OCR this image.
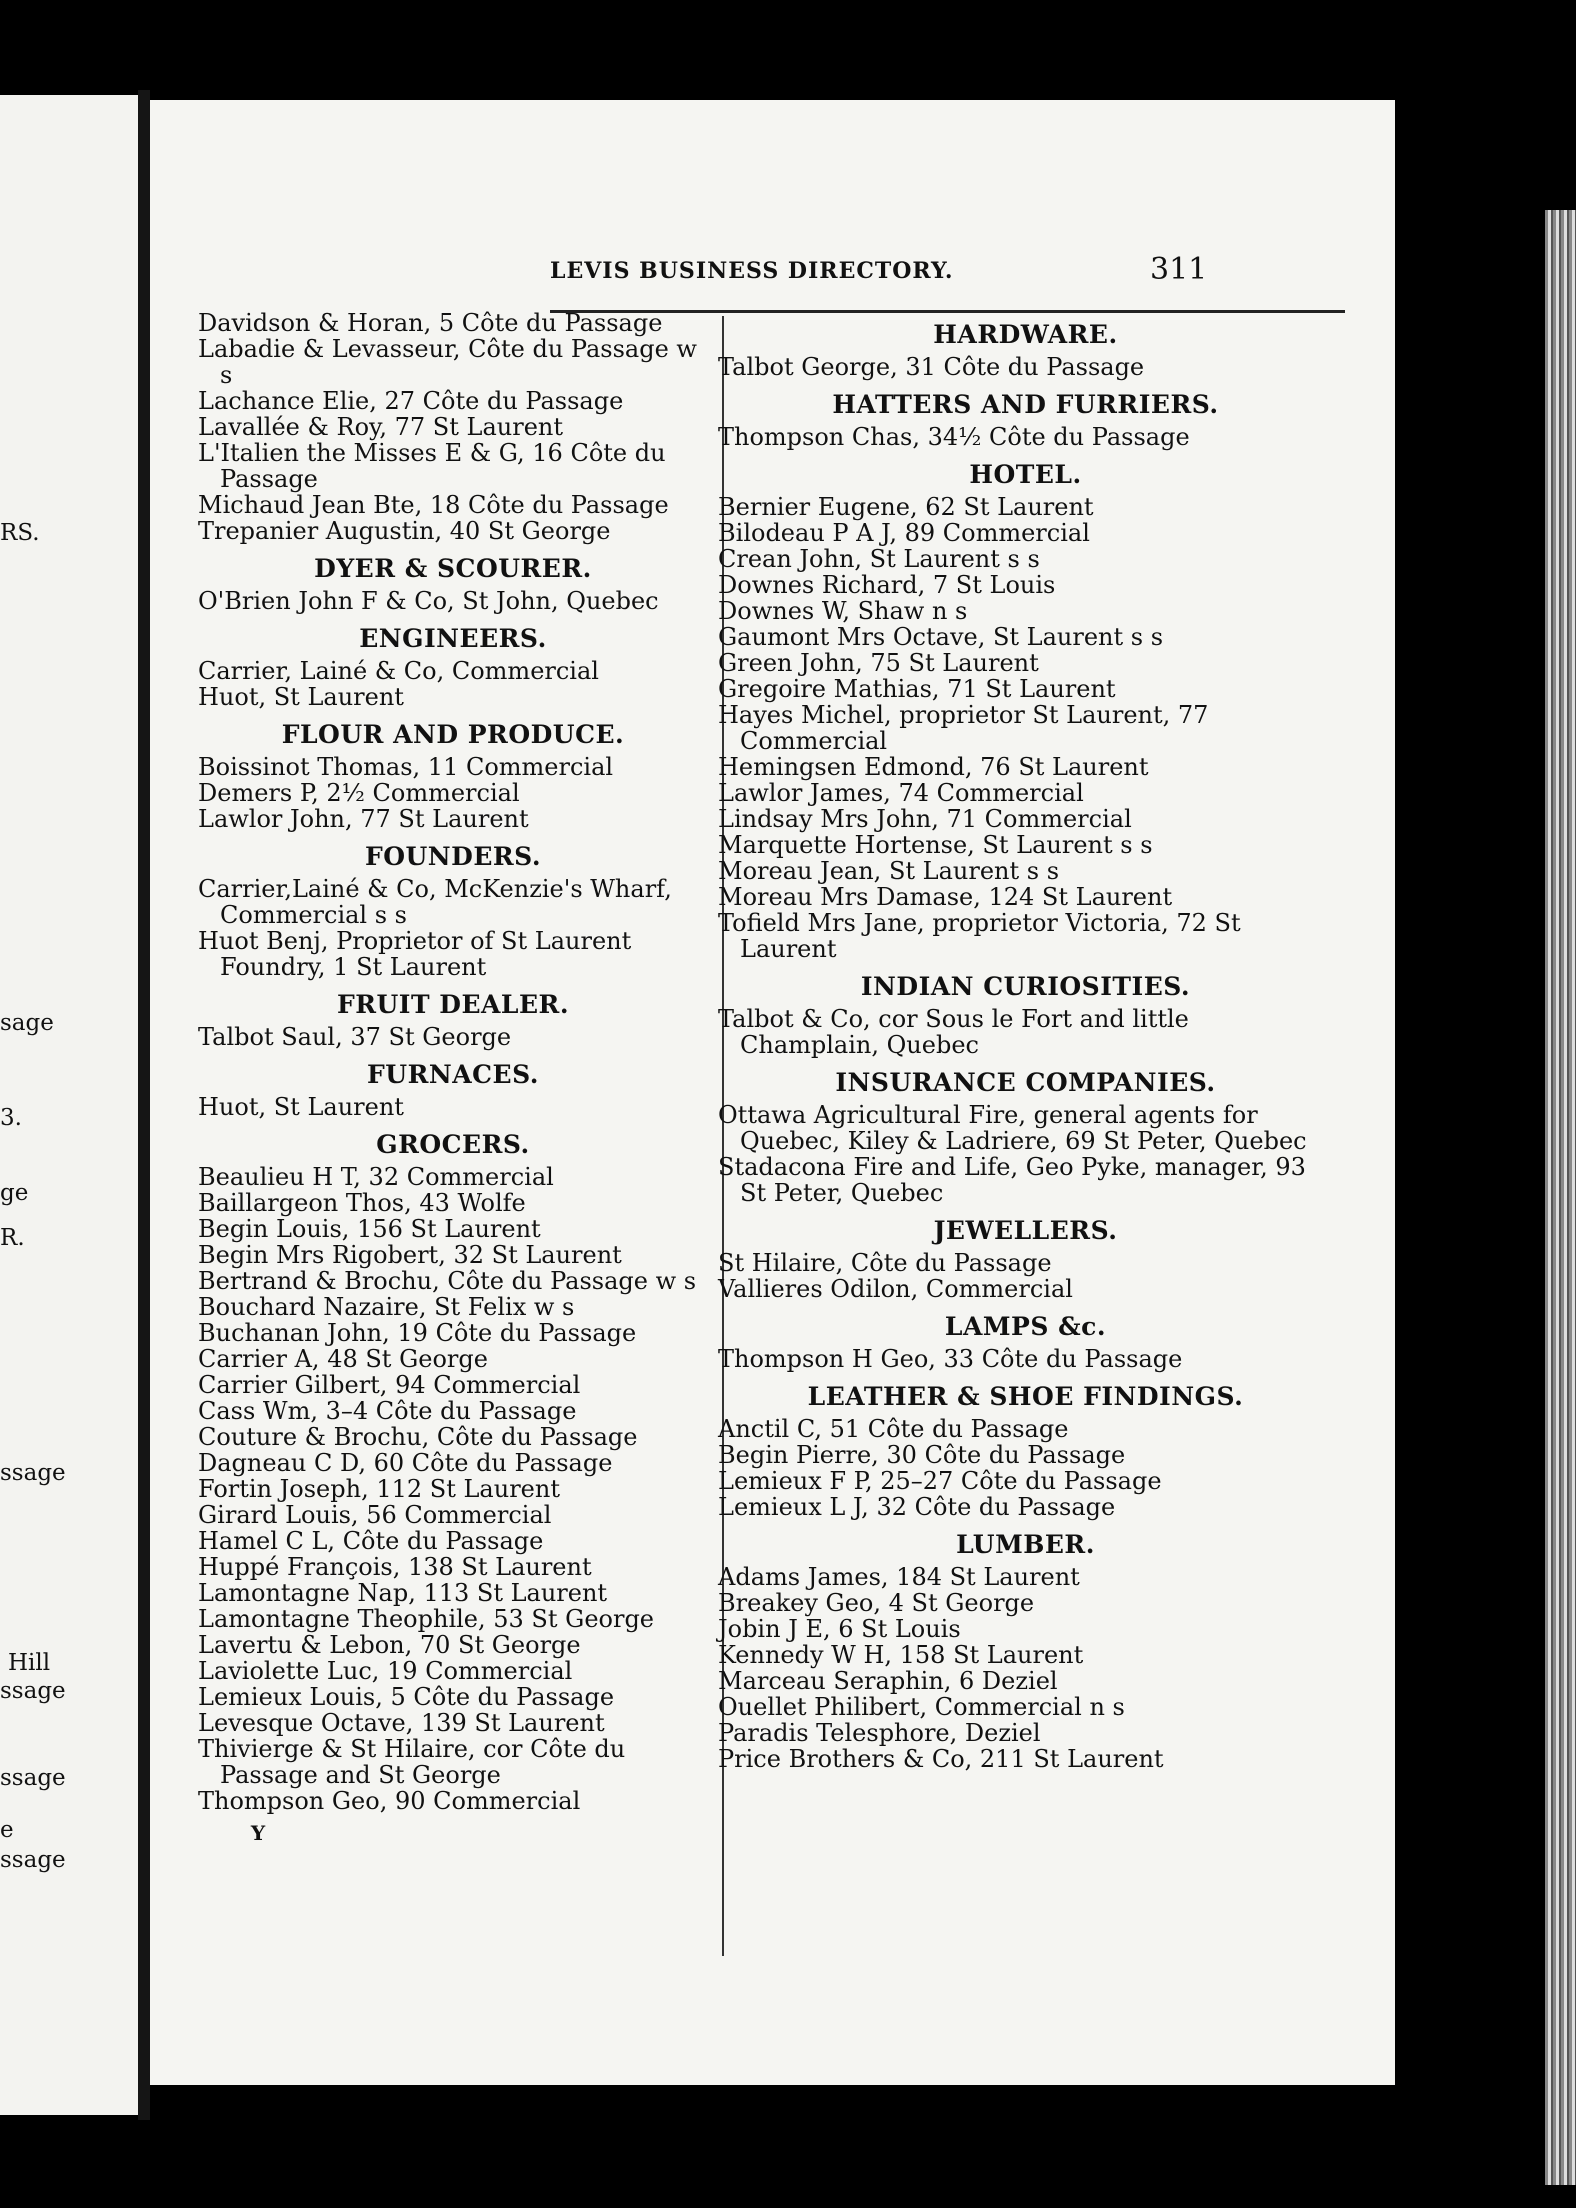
RS.
sage
3.
ge
R.
ssage
Hill
ssage
ssage
e
ssage
LEVIS BUSINESS DIRECTORY.	311
Davidson & Horan, 5 Côte du Passage
Labadie & Levasseur, Côte du Passage w s
Lachance Elie, 27 Côte du Passage
Lavallée & Roy, 77 St Laurent
L'Italien the Misses E & G, 16 Côte du Passage
Michaud Jean Bte, 18 Côte du Passage
Trepanier Augustin, 40 St George
DYER & SCOURER.
O'Brien John F & Co, St John, Quebec
ENGINEERS.
Carrier, Lainé & Co, Commercial
Huot, St Laurent
FLOUR AND PRODUCE.
Boissinot Thomas, 11 Commercial
Demers P, 2½ Commercial
Lawlor John, 77 St Laurent
FOUNDERS.
Carrier,Lainé & Co, McKenzie's Wharf, Commercial s s
Huot Benj, Proprietor of St Laurent Foundry, 1 St Laurent
FRUIT DEALER.
Talbot Saul, 37 St George
FURNACES.
Huot, St Laurent
GROCERS.
Beaulieu H T, 32 Commercial
Baillargeon Thos, 43 Wolfe
Begin Louis, 156 St Laurent
Begin Mrs Rigobert, 32 St Laurent
Bertrand & Brochu, Côte du Passage w s
Bouchard Nazaire, St Felix w s
Buchanan John, 19 Côte du Passage
Carrier A, 48 St George
Carrier Gilbert, 94 Commercial
Cass Wm, 3–4 Côte du Passage
Couture & Brochu, Côte du Passage
Dagneau C D, 60 Côte du Passage
Fortin Joseph, 112 St Laurent
Girard Louis, 56 Commercial
Hamel C L, Côte du Passage
Huppé François, 138 St Laurent
Lamontagne Nap, 113 St Laurent
Lamontagne Theophile, 53 St George
Lavertu & Lebon, 70 St George
Laviolette Luc, 19 Commercial
Lemieux Louis, 5 Côte du Passage
Levesque Octave, 139 St Laurent
Thivierge & St Hilaire, cor Côte du Passage and St George
Thompson Geo, 90 Commercial
Y
HARDWARE.
Talbot George, 31 Côte du Passage
HATTERS AND FURRIERS.
Thompson Chas, 34½ Côte du Passage
HOTEL.
Bernier Eugene, 62 St Laurent
Bilodeau P A J, 89 Commercial
Crean John, St Laurent s s
Downes Richard, 7 St Louis
Downes W, Shaw n s
Gaumont Mrs Octave, St Laurent s s
Green John, 75 St Laurent
Gregoire Mathias, 71 St Laurent
Hayes Michel, proprietor St Laurent, 77 Commercial
Hemingsen Edmond, 76 St Laurent
Lawlor James, 74 Commercial
Lindsay Mrs John, 71 Commercial
Marquette Hortense, St Laurent s s
Moreau Jean, St Laurent s s
Moreau Mrs Damase, 124 St Laurent
Tofield Mrs Jane, proprietor Victoria, 72 St Laurent
INDIAN CURIOSITIES.
Talbot & Co, cor Sous le Fort and little Champlain, Quebec
INSURANCE COMPANIES.
Ottawa Agricultural Fire, general agents for Quebec, Kiley & Ladriere, 69 St Peter, Quebec
Stadacona Fire and Life, Geo Pyke, manager, 93 St Peter, Quebec
JEWELLERS.
St Hilaire, Côte du Passage
Vallieres Odilon, Commercial
LAMPS &c.
Thompson H Geo, 33 Côte du Passage
LEATHER & SHOE FINDINGS.
Anctil C, 51 Côte du Passage
Begin Pierre, 30 Côte du Passage
Lemieux F P, 25–27 Côte du Passage
Lemieux L J, 32 Côte du Passage
LUMBER.
Adams James, 184 St Laurent
Breakey Geo, 4 St George
Jobin J E, 6 St Louis
Kennedy W H, 158 St Laurent
Marceau Seraphin, 6 Deziel
Ouellet Philibert, Commercial n s
Paradis Telesphore, Deziel
Price Brothers & Co, 211 St Laurent
